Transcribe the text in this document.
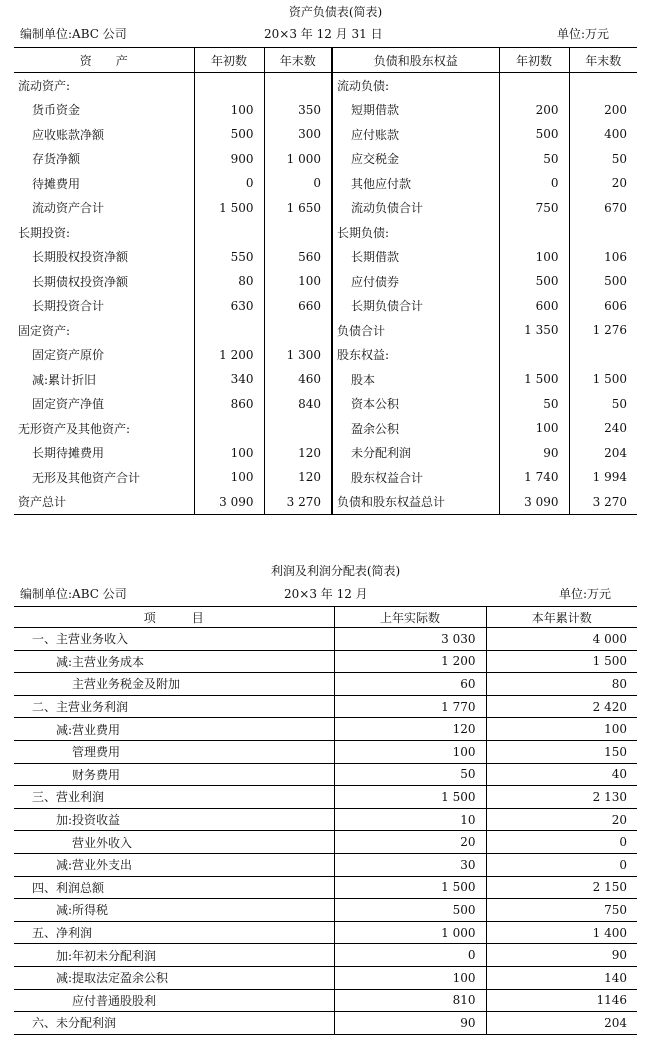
资产负债表(简表)
编制单位:ABC 公司	20×3 年 12 月 31 日	单位:万元
资　　产	年初数	年末数	负债和股东权益	年初数	年末数
流动资产:			流动负债:		
货币资金	100	350	短期借款	200	200
应收账款净额	500	300	应付账款	500	400
存货净额	900	1 000	应交税金	50	50
待摊费用	0	0	其他应付款	0	20
流动资产合计	1 500	1 650	流动负债合计	750	670
长期投资:			长期负债:		
长期股权投资净额	550	560	长期借款	100	106
长期债权投资净额	80	100	应付债券	500	500
长期投资合计	630	660	长期负债合计	600	606
固定资产:			负债合计	1 350	1 276
固定资产原价	1 200	1 300	股东权益:		
减:累计折旧	340	460	股本	1 500	1 500
固定资产净值	860	840	资本公积	50	50
无形资产及其他资产:			盈余公积	100	240
长期待摊费用	100	120	未分配利润	90	204
无形及其他资产合计	100	120	股东权益合计	1 740	1 994
资产总计	3 090	3 270	负债和股东权益总计	3 090	3 270
利润及利润分配表(简表)
编制单位:ABC 公司	20×3 年 12 月	单位:万元
项　　　目	上年实际数	本年累计数
一、主营业务收入	3 030	4 000
减:主营业务成本	1 200	1 500
主营业务税金及附加	60	80
二、主营业务利润	1 770	2 420
减:营业费用	120	100
管理费用	100	150
财务费用	50	40
三、营业利润	1 500	2 130
加:投资收益	10	20
营业外收入	20	0
减:营业外支出	30	0
四、利润总额	1 500	2 150
减:所得税	500	750
五、净利润	1 000	1 400
加:年初未分配利润	0	90
减:提取法定盈余公积	100	140
应付普通股股利	810	1146
六、未分配利润	90	204
